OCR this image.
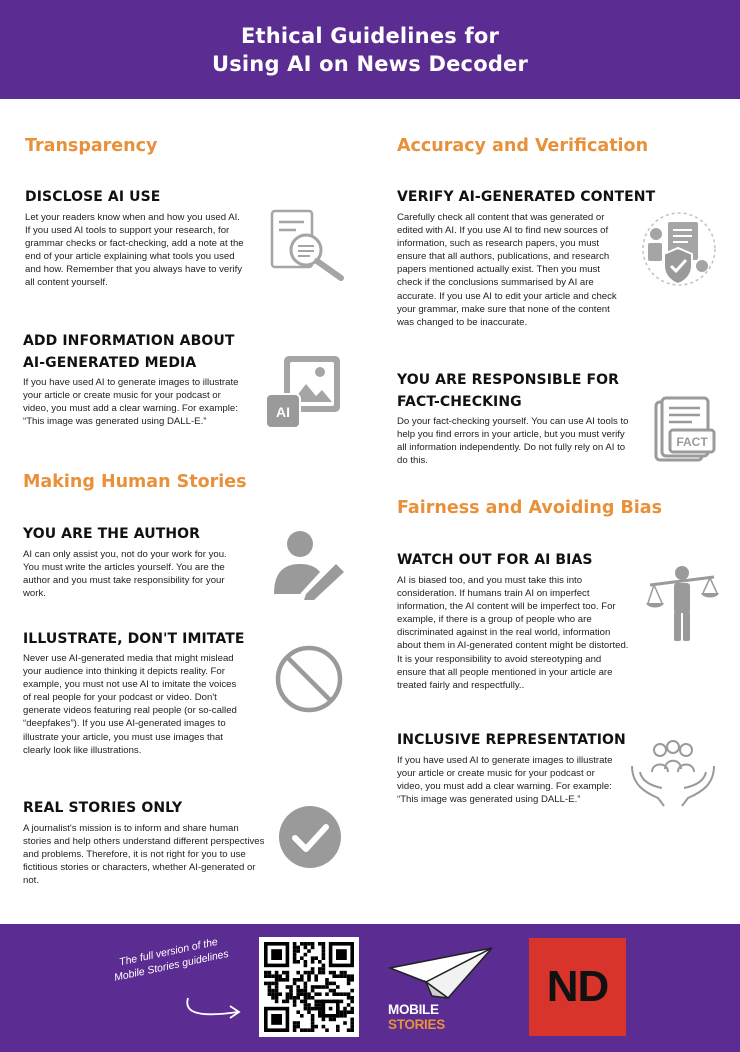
Ethical Guidelines for
Using AI on News Decoder
Transparency
DISCLOSE AI USE
Let your readers know when and how you used AI. If you used AI tools to support your research, for grammar checks or fact-checking, add a note at the end of your article explaining what tools you used and how. Remember that you always have to verify all content yourself.
ADD INFORMATION ABOUT
AI-GENERATED MEDIA
If you have used AI to generate images to illustrate your article or create music for your podcast or video, you must add a clear warning. For example: “This image was generated using DALL-E.”
AI
Making Human Stories
YOU ARE THE AUTHOR
AI can only assist you, not do your work for you. You must write the articles yourself. You are the author and you must take responsibility for your work.
ILLUSTRATE, DON'T IMITATE
Never use AI-generated media that might mislead your audience into thinking it depicts reality. For example, you must not use AI to imitate the voices of real people for your podcast or video. Don't generate videos featuring real people (or so-called “deepfakes”). If you use AI-generated images to illustrate your article, you must use images that clearly look like illustrations.
REAL STORIES ONLY
A journalist's mission is to inform and share human stories and help others understand different perspectives and problems. Therefore, it is not right for you to use fictitious stories or characters, whether AI-generated or not.
Accuracy and Verification
VERIFY AI-GENERATED CONTENT
Carefully check all content that was generated or edited with AI. If you use AI to find new sources of information, such as research papers, you must ensure that all authors, publications, and research papers mentioned actually exist. Then you must check if the conclusions summarised by AI are accurate. If you use AI to edit your article and check your grammar, make sure that none of the content was changed to be inaccurate.
YOU ARE RESPONSIBLE FOR
FACT-CHECKING
Do your fact-checking yourself. You can use AI tools to help you find errors in your article, but you must verify all information independently. Do not fully rely on AI to do this.
FACT
Fairness and Avoiding Bias
WATCH OUT FOR AI BIAS
AI is biased too, and you must take this into consideration. If humans train AI on imperfect information, the AI content will be imperfect too. For example, if there is a group of people who are discriminated against in the real world, information about them in AI-generated content might be distorted. It is your responsibility to avoid stereotyping and ensure that all people mentioned in your article are treated fairly and respectfully..
INCLUSIVE REPRESENTATION
If you have used AI to generate images to illustrate your article or create music for your podcast or video, you must add a clear warning. For example: “This image was generated using DALL-E.”
The full version of the Mobile Stories guidelines
MOBILE STORIES
ND
